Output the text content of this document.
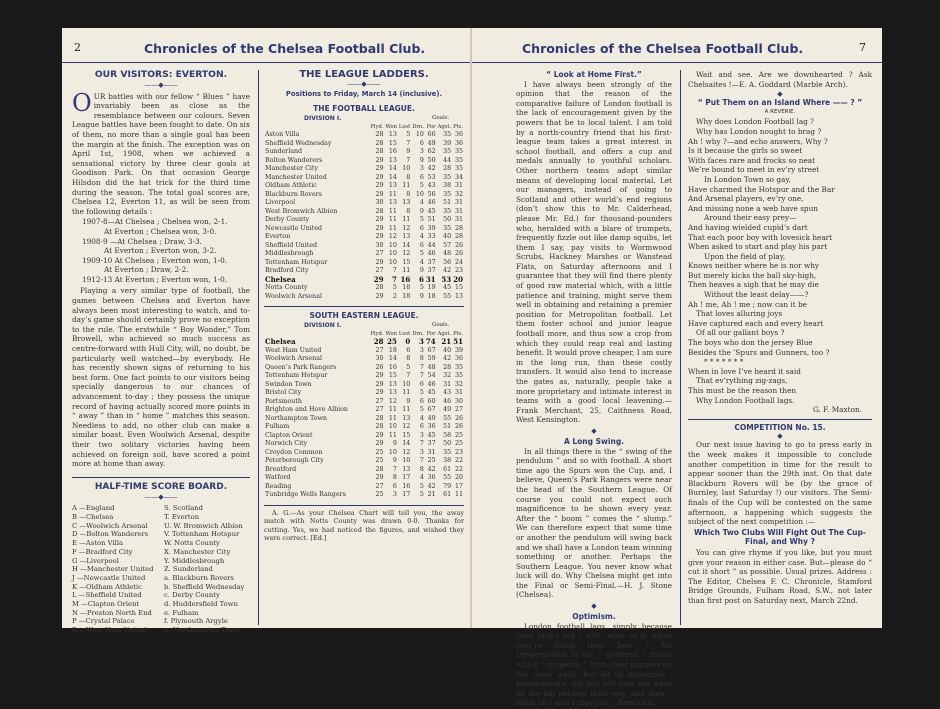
2	Chronicles of the Chelsea Football Club.
OUR VISITORS: EVERTON.
——◆——

OUR battles with our fellow “ Blues ” have invariably been as close as the resemblance between our colours. Seven League battles have been fought to date. On six of them, no more than a single goal has been the margin at the finish. The exception was on April 1st, 1908, when we achieved a sensational victory by three clear goals at Goodison Park. On that occasion George Hilsdon did the hat trick for the third time during the season. The total goal scores are, Chelsea 12, Everton 11, as will be seen from the following details :

1907-8—At Chelsea ; Chelsea won, 2-1.

At Everton ; Chelsea won, 3-0.

1908-9 —At Chelsea ; Draw, 3-3.

At Everton ; Everton won, 3-2.

1909-10 At Chelsea ; Everton won, 1-0.

At Everton ; Draw, 2-2.

1912-13 At Everton ; Everton won, 1-0.

Playing a very similar type of football, the games between Chelsea and Everton have always been most interesting to watch, and to-day’s game should certainly prove no exception to the rule. The erstwhile “ Boy Wonder,” Tom Browell, who achieved so much success as centre-forward with Hull City, will, no doubt, be particularly well watched—by everybody. He has recently shown signs of returning to his best form. One fact points to our visitors being specially dangerous to our chances of advancement to-day ; they possess the unique record of having actually scored more points in “ away ” than in “ home ” matches this season. Needless to add, no other club can make a similar boast. Even Woolwich Arsenal, despite their two solitary victories having been achieved on foreign soil, have scored a point more at home than away.

HALF-TIME SCORE BOARD.
——◆——
A —England
B —Chelsea
C —Woolwich Arsenal
D —Bolton Wanderers
E —Aston Villa
F —Bradford City
G —Liverpool
H —Manchester United
J —Newcastle United
K —Oldham Athletic
L —Sheffield United
M —Clapton Orient
N —Preston North End
P —Crystal Palace
R —West Ham United
S. Scotland
T. Everton
U. W. Bromwich Albion
V. Tottenham Hotspur
W. Notts County
X. Manchester City
Y. Middlesbrough
Z. Sunderland
a. Blackburn Rovers
b. Sheffield Wednesday
c. Derby County
d. Huddersfield Town
e. Fulham
f. Plymouth Argyle
g. Northampton Town
THE LEAGUE LADDERS.
——◆——
Positions to Friday, March 14 (inclusive).
THE FOOTBALL LEAGUE.
DIVISION I.	Goals.
	Plyd.	Won	Lost	Drn.	For	Agst.	Pts.
Aston Villa	28	13	5	10	66	35	36
Sheffield Wednesday	28	15	7	6	49	39	36
Sunderland	28	16	9	3	62	35	35
Bolton Wanderers	29	13	7	9	50	44	35
Manchester City	29	14	10	3	42	28	35
Manchester United	29	14	8	6	53	35	34
Oldham Athletic	29	13	11	5	43	38	31
Blackburn Rovers	29	11	8	10	56	35	32
Liverpool	30	13	13	4	46	51	31
West Bromwich Albion	28	11	8	9	45	35	31
Derby County	29	11	11	5	51	50	31
Newcastle United	29	11	12	6	39	35	28
Everton	29	12	13	4	33	40	28
Sheffield United	30	10	14	6	44	57	26
Middlesbrough	27	10	12	5	46	48	26
Tottenham Hotspur	29	10	15	4	37	56	24
Bradford City	27	7	11	9	37	42	23
Chelsea	29	7	16	6	31	53	20
Notts County	28	5	18	5	19	45	15
Woolwich Arsenal	29	2	18	9	18	55	13
SOUTH EASTERN LEAGUE.
DIVISION I.	Goals.
	Plyd.	Won	Lost	Drn.	For	Agst.	Pts.
Chelsea	28	25	0	3	74	21	51
West Ham United	27	18	6	3	67	40	39
Woolwich Arsenal	30	14	8	8	59	42	36
Queen’s Park Rangers	26	16	5	7	48	28	35
Tottenham Hotspur	29	15	7	7	54	32	35
Swindon Town	29	13	10	6	46	31	32
Bristol City	29	13	11	5	45	43	31
Portsmouth	27	12	9	6	60	46	30
Brighton and Hove Albion	27	11	11	5	67	49	27
Northampton Town	28	11	13	4	49	55	26
Fulham	28	10	12	6	36	51	26
Clapton Orient	29	11	15	3	45	58	25
Norwich City	29	9	14	7	37	50	25
Croydon Common	25	10	12	3	31	35	23
Peterborough City	25	9	10	7	25	38	22
Brentford	28	7	13	8	42	61	22
Watford	29	8	17	4	36	55	20
Reading	27	6	16	5	42	79	17
Tunbridge Wells Rangers	25	3	17	5	21	61	11

A. G.—As your Chelsea Chart will tell you, the away match with Notts County was drawn 0-0. Thanks for cutting. Yes, we had noticed the figures, and wished they were correct. [Ed.]

Chronicles of the Chelsea Football Club.	7
“ Look at Home First.”

I have always been strongly of the opinion that the reason of the comparative failure of London football is the lack of encouragement given by the powers that be to local talent. I am told by a north-country friend that his first-league team takes a great interest in school football, and offers a cup and medals annually to youthful scholars. Other northern teams adopt similar means of developing local material. Let our managers, instead of going to Scotland and other world’s end regions (don’t show this to Mr. Calderhead, please Mr. Ed.) for thousand-pounders who, heralded with a blare of trumpets, frequently fizzle out like damp squibs, let them I say, pay visits to Wormwood Scrubs, Hackney Marshes or Wanstead Flats, on Saturday afternoons and I guarantee that they will find there plenty of good raw material which, with a little patience and training, might serve them well in obtaining and retaining a premier position for Metropolitan football. Let them foster school and junior league football more, and thus sow a crop from which they could reap real and lasting benefit. It would prove cheaper, I am sure in the long run, than these costly transfers. It would also tend to increase the gates as, naturally, people take a more proprietary and intimate interest in teams with a good local leavening.—Frank Merchant, 25, Caithness Road, West Kensington.

◆
A Long Swing.

In all things there is the “ swing of the pendulum ” and so with football. A short time ago the Spurs won the Cup, and, I believe, Queen’s Park Rangers were near the head of the Southern League. Of course you could not expect such magnificence to be shown every year. After the “ boom ” comes the “ slump.” We can therefore expect that some time or another the pendulum will swing back and we shall have a London team winning something or another. Perhaps the Southern League. You never know what luck will do. Why Chelsea might get into the Final or Semi-Final.—H. J. Stone (Chelsea).

◆
Optimism.

London football lags, simply because their luck’s out ; well, what of it, when they’re doing their best ? Nil Desperandum is the “ gartered ” motto which “ suspends ” from their banners on the outer walls. But let us dissemble ; peradventure, the tide will turn and wash all the big pebbles their way, and then—What oh ! won’t they just “ Beech em.”

Wait and see. Are we downhearted ? Ask Chelsaites !—E. A. Goddard (Marble Arch).

◆
“ Put Them on an Island Where —— ? ”
A REVERIE.
Why does London Football lag ?
Why has London nought to brag ?
Ah ! why ?—and echo answers, Why ?
Is it because the girls so sweet
With faces rare and frocks so neat
We’re bound to meet in ev’ry street
In London Town so gay,
Have charmed the Hotspur and the Bar
And Arsenal players, ev’ry one,
And missing none a web have spun
Around their easy prey—
And having wielded cupid’s dart
That each poor boy with lovesick heart
When asked to start and play his part
Upon the field of play,
Knows neither where he is nor why
But merely kicks the ball sky-high,
Then heaves a sigh that he may die
Without the least delay——?
Ah ! me, Ah ! me ; now can it be
That loves alluring joys
Have captured each and every heart
Of all our gallant boys ?
The boys who don the jersey Blue
Besides the ’Spurs and Gunners, too ?
* * * * * * *
When in love I’ve heard it said
That ev’rything zig-zags,
This must be the reason then
Why London Football lags.
G. F. Maxton.
COMPETITION No. 15.
◆

Our next issue having to go to press early in the week makes it impossible to conclude another competition in time for the result to appear sooner than the 29th inst. On that date Blackburn Rovers will be (by the grace of Burnley, last Saturday !) our visitors. The Semi-finals of the Cup will be contested on the same afternoon, a happening which suggests the subject of the next competition :—

Which Two Clubs Will Fight Out The Cup-Final, and Why ?

You can give rhyme if you like, but you must give your reason in either case. But—please do “ cut it short ” as possible. Usual prizes. Address : The Editor, Chelsea F. C. Chronicle, Stamford Bridge Grounds, Fulham Road, S.W., not later than first post on Saturday next, March 22nd.
